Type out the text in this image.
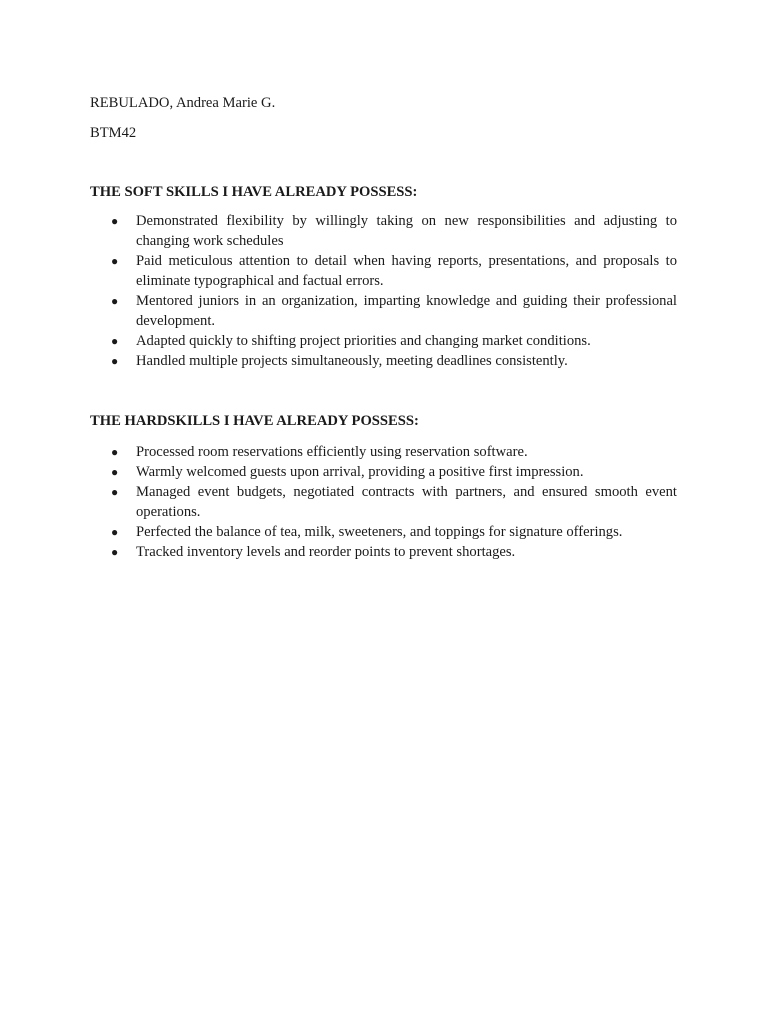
REBULADO, Andrea Marie G.

BTM42

THE SOFT SKILLS I HAVE ALREADY POSSESS:
● Demonstrated flexibility by willingly taking on new responsibilities and adjusting to changing work schedules
● Paid meticulous attention to detail when having reports, presentations, and proposals to eliminate typographical and factual errors.
● Mentored juniors in an organization, imparting knowledge and guiding their professional development.
● Adapted quickly to shifting project priorities and changing market conditions.
● Handled multiple projects simultaneously, meeting deadlines consistently.
THE HARDSKILLS I HAVE ALREADY POSSESS:
● Processed room reservations efficiently using reservation software.
● Warmly welcomed guests upon arrival, providing a positive first impression.
● Managed event budgets, negotiated contracts with partners, and ensured smooth event operations.
● Perfected the balance of tea, milk, sweeteners, and toppings for signature offerings.
● Tracked inventory levels and reorder points to prevent shortages.
